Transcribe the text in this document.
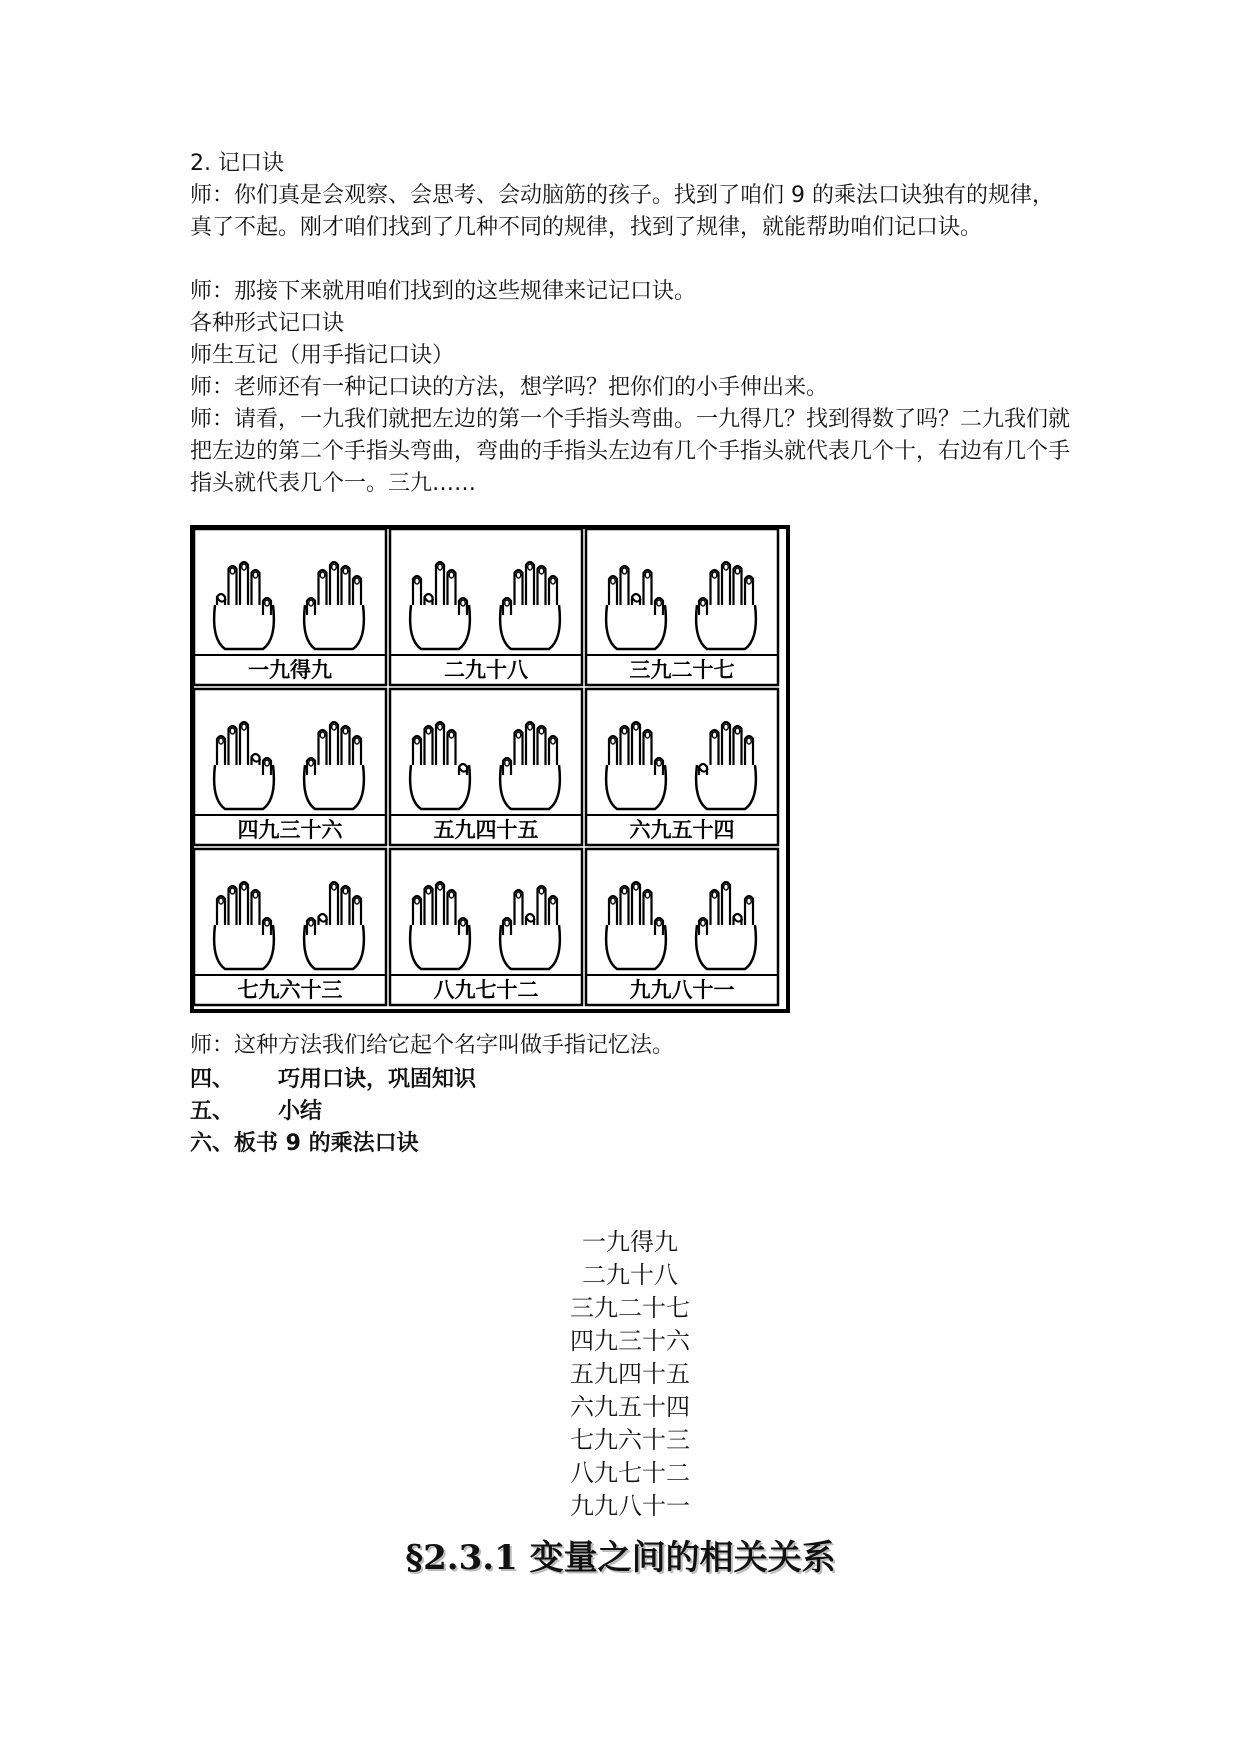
2. 记口诀

师：你们真是会观察、会思考、会动脑筋的孩子。找到了咱们 9 的乘法口诀独有的规律，真了不起。刚才咱们找到了几种不同的规律，找到了规律，就能帮助咱们记口诀。

师：那接下来就用咱们找到的这些规律来记记口诀。

各种形式记口诀

师生互记（用手指记口诀）

师：老师还有一种记口诀的方法，想学吗？把你们的小手伸出来。

师：请看，一九我们就把左边的第一个手指头弯曲。一九得几？找到得数了吗？二九我们就把左边的第二个手指头弯曲，弯曲的手指头左边有几个手指头就代表几个十，右边有几个手指头就代表几个一。三九……

一九得九	二九十八	三九二十七
四九三十六	五九四十五	六九五十四
七九六十三	八九七十二	九九八十一

师：这种方法我们给它起个名字叫做手指记忆法。

四、 巧用口诀，巩固知识

五、 小结

六、板书 9 的乘法口诀

一九得九
二九十八
三九二十七
四九三十六
五九四十五
六九五十四
七九六十三
八九七十二
九九八十一
§2.3.1 变量之间的相关关系
